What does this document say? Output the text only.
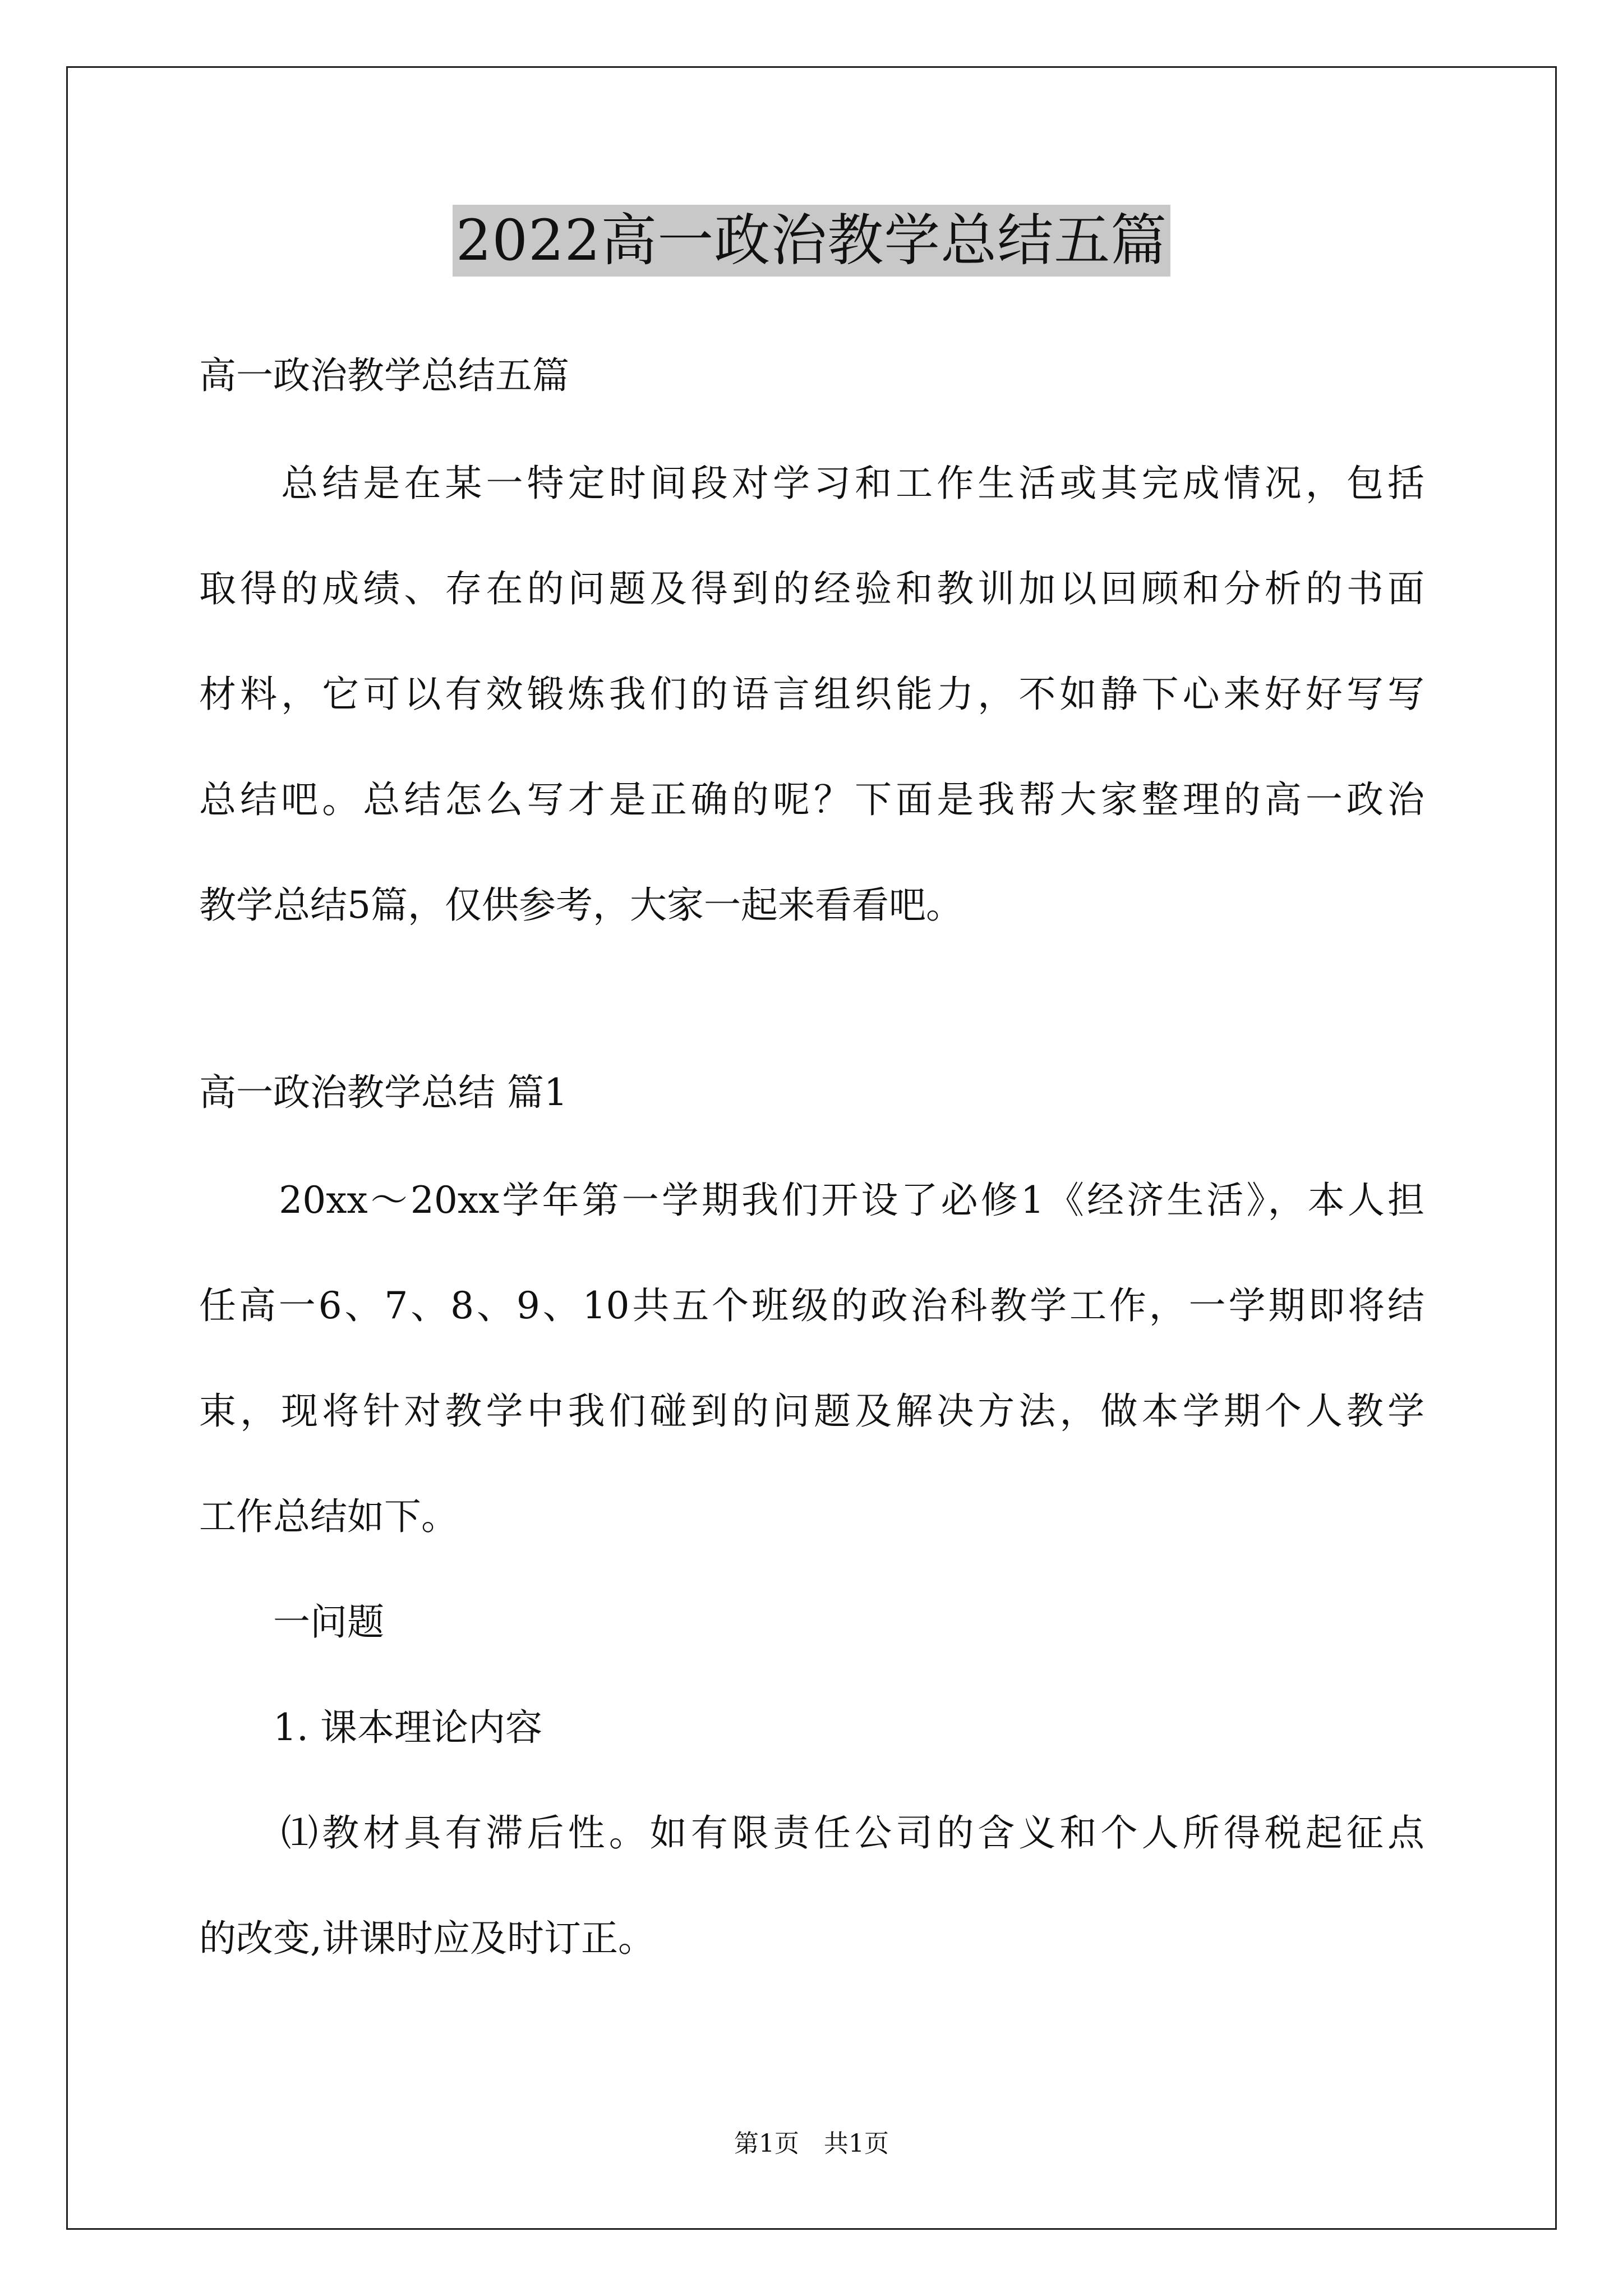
2022高一政治教学总结五篇
高一政治教学总结五篇
　　总结是在某一特定时间段对学习和工作生活或其完成情况，包括
取得的成绩、存在的问题及得到的经验和教训加以回顾和分析的书面
材料，它可以有效锻炼我们的语言组织能力，不如静下心来好好写写
总结吧。总结怎么写才是正确的呢？下面是我帮大家整理的高一政治
教学总结5篇，仅供参考，大家一起来看看吧。
高一政治教学总结 篇1
　　20xx～20xx学年第一学期我们开设了必修1《经济生活》，本人担
任高一6、7、8、9、10共五个班级的政治科教学工作，一学期即将结
束，现将针对教学中我们碰到的问题及解决方法，做本学期个人教学
工作总结如下。
　　一问题
　　1. 课本理论内容
　　⑴教材具有滞后性。如有限责任公司的含义和个人所得税起征点
的改变,讲课时应及时订正。
第1页　共1页
